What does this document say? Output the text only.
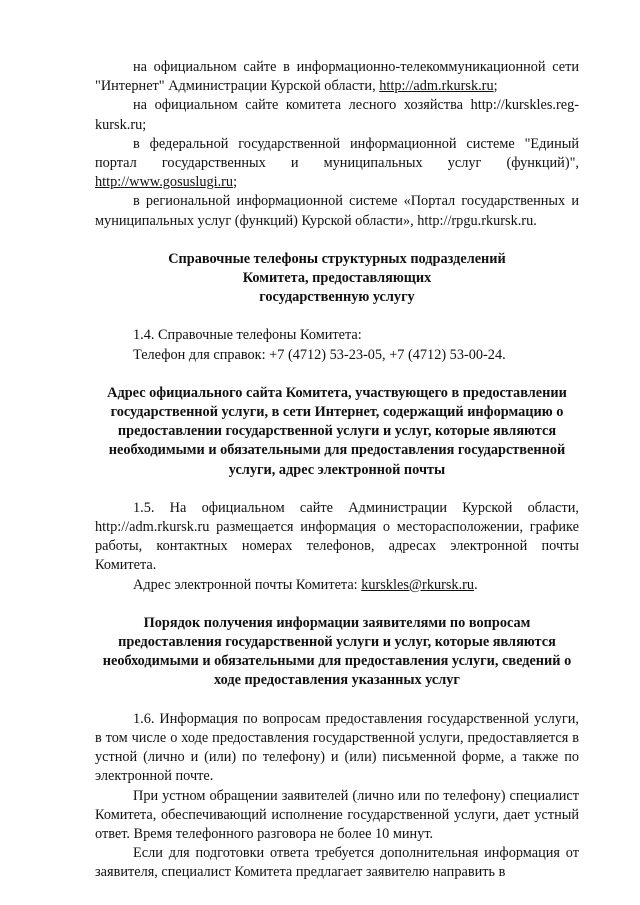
на официальном сайте в информационно-телекоммуникационной сети "Интернет" Администрации Курской области, http://adm.rkursk.ru;

на официальном сайте комитета лесного хозяйства http://kurskles.reg-kursk.ru;

в федеральной государственной информационной системе "Единый портал государственных и муниципальных услуг (функций)", http://www.gosuslugi.ru;

в региональной информационной системе «Портал государственных и муниципальных услуг (функций) Курской области», http://rpgu.rkursk.ru.

Справочные телефоны структурных подразделений
Комитета, предоставляющих
государственную услугу

1.4. Справочные телефоны Комитета:

Телефон для справок: +7 (4712) 53-23-05, +7 (4712) 53-00-24.

Адрес официального сайта Комитета, участвующего в предоставлении государственной услуги, в сети Интернет, содержащий информацию о предоставлении государственной услуги и услуг, которые являются необходимыми и обязательными для предоставления государственной услуги, адрес электронной почты

1.5. На официальном сайте Администрации Курской области, http://adm.rkursk.ru размещается информация о месторасположении, графике работы, контактных номерах телефонов, адресах электронной почты Комитета.

Адрес электронной почты Комитета: kurskles@rkursk.ru.

Порядок получения информации заявителями по вопросам предоставления государственной услуги и услуг, которые являются необходимыми и обязательными для предоставления услуги, сведений о ходе предоставления указанных услуг

1.6. Информация по вопросам предоставления государственной услуги, в том числе о ходе предоставления государственной услуги, предоставляется в устной (лично и (или) по телефону) и (или) письменной форме, а также по электронной почте.

При устном обращении заявителей (лично или по телефону) специалист Комитета, обеспечивающий исполнение государственной услуги, дает устный ответ. Время телефонного разговора не более 10 минут.

Если для подготовки ответа требуется дополнительная информация от заявителя, специалист Комитета предлагает заявителю направить в
